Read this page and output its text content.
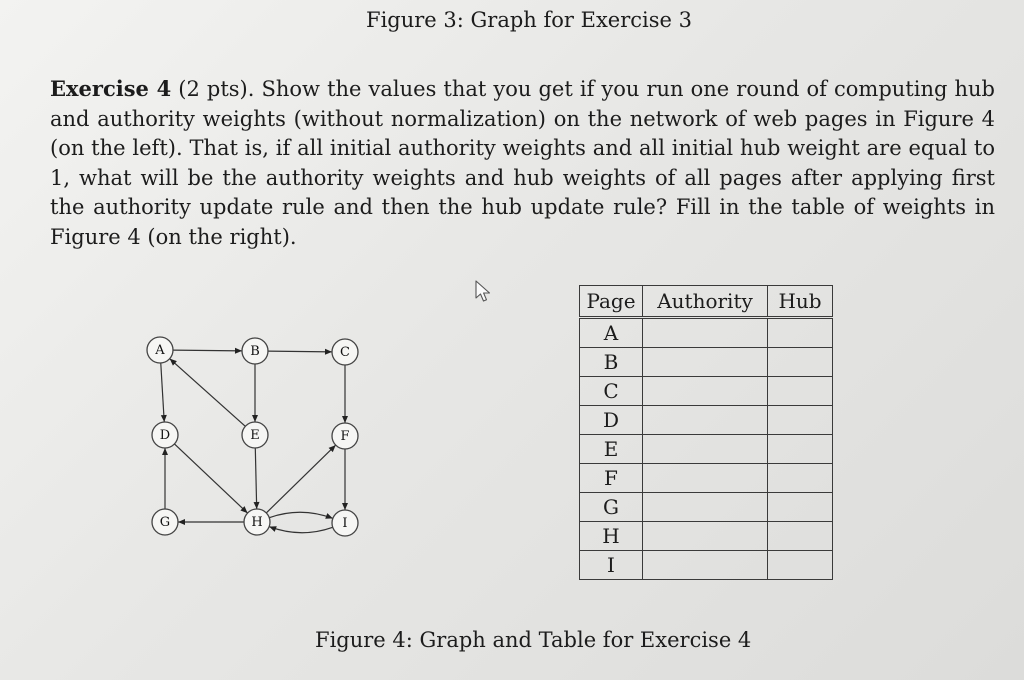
Figure 3: Graph for Exercise 3
Exercise 4 (2 pts). Show the values that you get if you run one round of computing hub and authority weights (without normalization) on the network of web pages in Figure 4 (on the left). That is, if all initial authority weights and all initial hub weight are equal to 1, what will be the authority weights and hub weights of all pages after applying first the authority update rule and then the hub update rule? Fill in the table of weights in Figure 4 (on the right).
A	B	C
D	E	F
G	H	I
Page	Authority	Hub
A		
B		
C		
D		
E		
F		
G		
H		
I		
Figure 4: Graph and Table for Exercise 4
